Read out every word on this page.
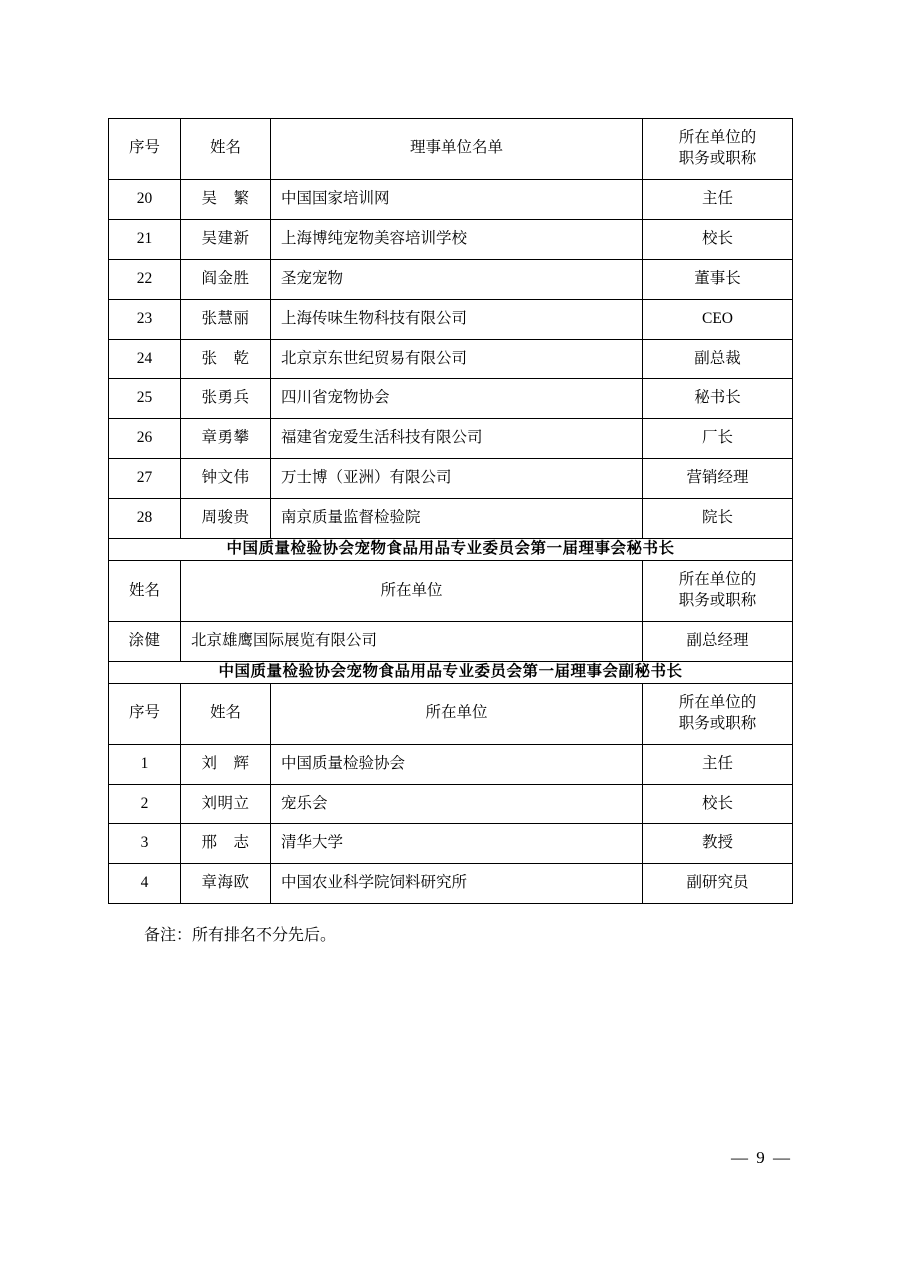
序号	姓名	理事单位名单	所在单位的
职务或职称

20	吴　繁	中国国家培训网	主任

21	吴建新	上海博纯宠物美容培训学校	校长

22	阎金胜	圣宠宠物	董事长

23	张慧丽	上海传味生物科技有限公司	CEO

24	张　乾	北京京东世纪贸易有限公司	副总裁

25	张勇兵	四川省宠物协会	秘书长

26	章勇攀	福建省宠爱生活科技有限公司	厂长

27	钟文伟	万士博（亚洲）有限公司	营销经理

28	周骏贵	南京质量监督检验院	院长

中国质量检验协会宠物食品用品专业委员会第一届理事会秘书长			
姓名	所在单位	所在单位的
职务或职称

涂健	北京雄鹰国际展览有限公司	副总经理

中国质量检验协会宠物食品用品专业委员会第一届理事会副秘书长		
序号	姓名	所在单位	所在单位的
职务或职称

1	刘　辉	中国质量检验协会	主任

2	刘明立	宠乐会	校长

3	邢　志	清华大学	教授

4	章海欧	中国农业科学院饲料研究所	副研究员
备注：所有排名不分先后。
— 9 —
